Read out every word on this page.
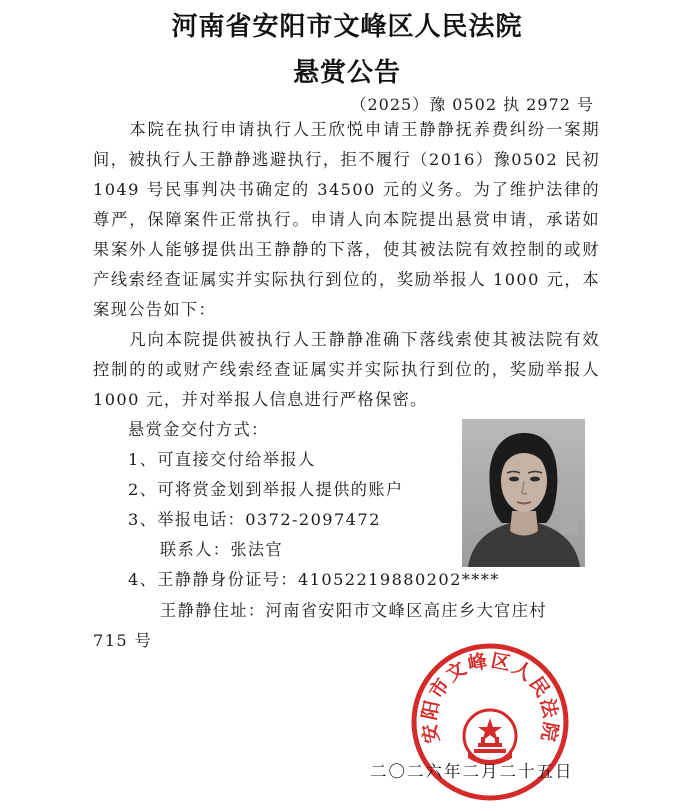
河南省安阳市文峰区人民法院
悬赏公告
（2025）豫 0502 执 2972 号
本院在执行申请执行人王欣悦申请王静静抚养费纠纷一案期间，被执行人王静静逃避执行，拒不履行（2016）豫0502 民初 1049 号民事判决书确定的 34500 元的义务。为了维护法律的尊严，保障案件正常执行。申请人向本院提出悬赏申请，承诺如果案外人能够提供出王静静的下落，使其被法院有效控制的或财产线索经查证属实并实际执行到位的，奖励举报人 1000 元，本案现公告如下：
凡向本院提供被执行人王静静准确下落线索使其被法院有效控制的的或财产线索经查证属实并实际执行到位的，奖励举报人 1000 元，并对举报人信息进行严格保密。
悬赏金交付方式：
1、可直接交付给举报人
2、可将赏金划到举报人提供的账户
3、举报电话：0372-2097472
联系人：张法官
4、王静静身份证号：41052219880202****
王静静住址：河南省安阳市文峰区高庄乡大官庄村
715 号
安阳市文峰区人民法院
二〇二六年二月二十五日
